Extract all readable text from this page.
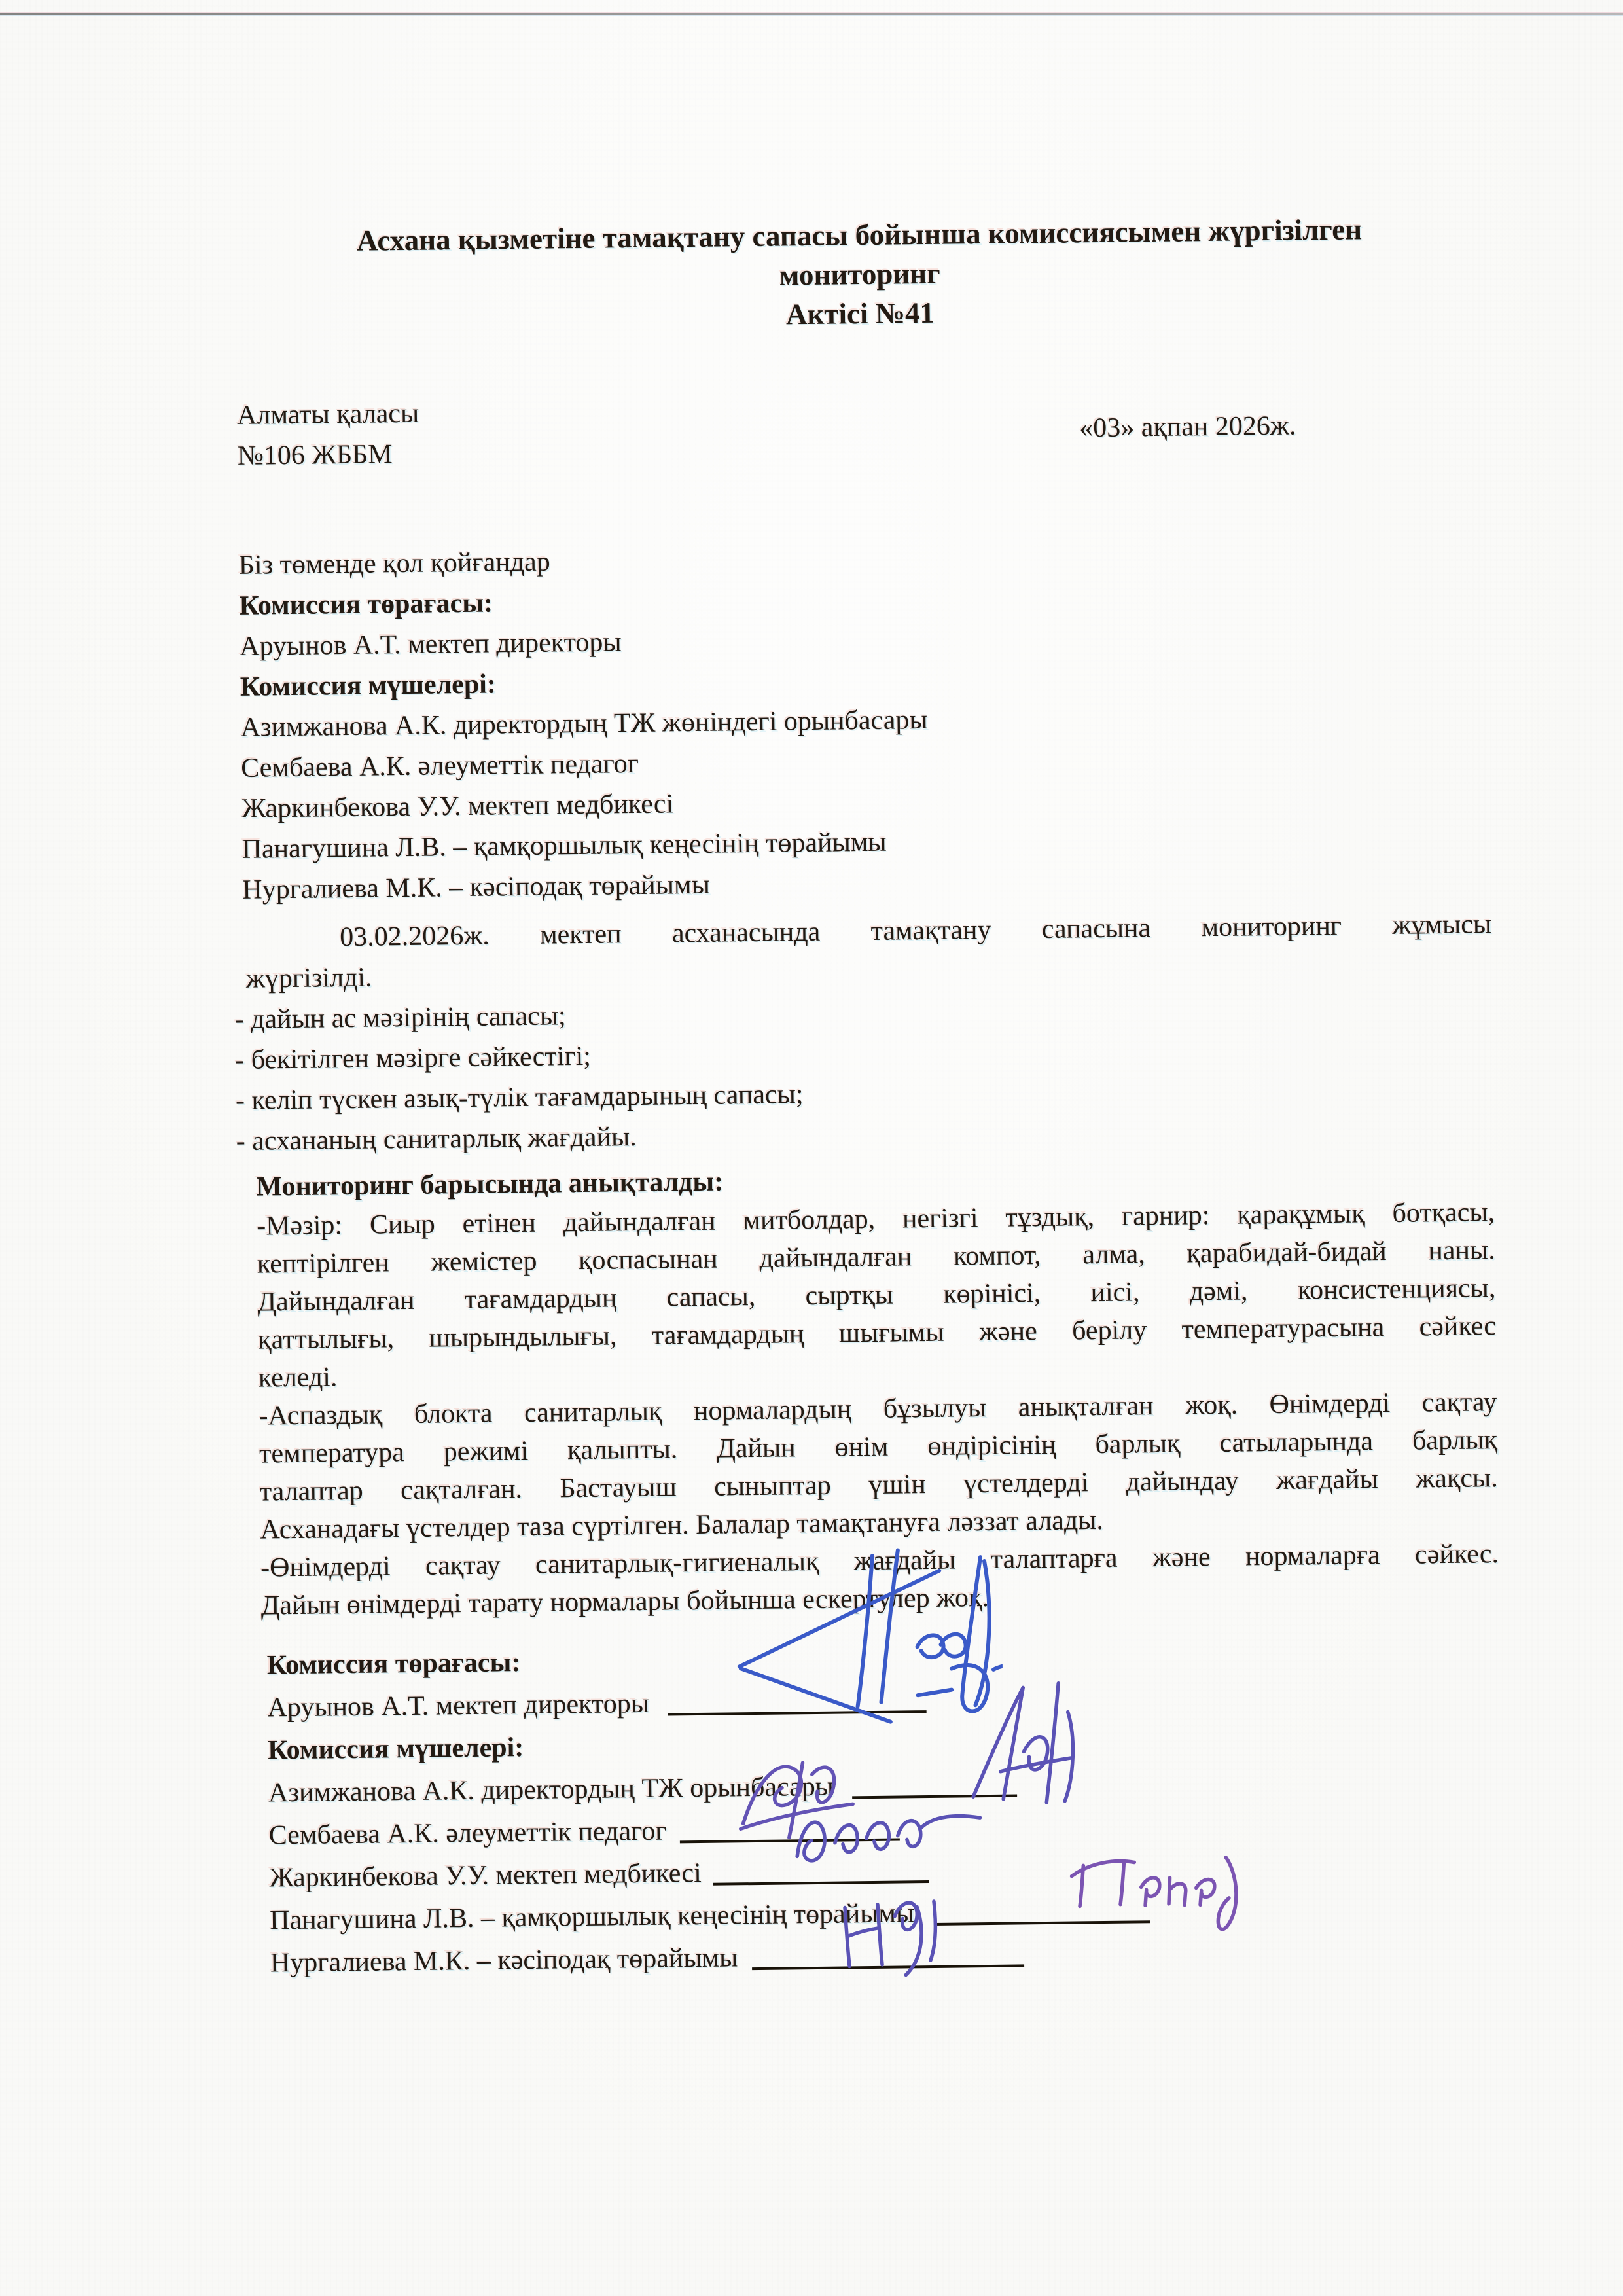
Асхана қызметіне тамақтану сапасы бойынша комиссиясымен жүргізілген
мониторинг
Актісі №41
Алматы қаласы
№106 ЖББМ
«03» ақпан 2026ж.
Біз төменде қол қойғандар
Комиссия төрағасы:
Аруынов А.Т. мектеп директоры
Комиссия мүшелері:
Азимжанова А.К. директордың ТЖ жөніндегі орынбасары
Сембаева А.К. әлеуметтік педагог
Жаркинбекова У.У. мектеп медбикесі
Панагушина Л.В. – қамқоршылық кеңесінің төрайымы
Нургалиева М.К. – кәсіподақ төрайымы
03.02.2026ж. мектеп асханасында тамақтану сапасына мониторинг жұмысы
жүргізілді.
- дайын ас мәзірінің сапасы;
- бекітілген мәзірге сәйкестігі;
- келіп түскен азық-түлік тағамдарының сапасы;
- асхананың санитарлық жағдайы.
Мониторинг барысында анықталды:
-Мәзір: Сиыр етінен дайындалған митболдар, негізгі тұздық, гарнир: қарақұмық ботқасы,
кептірілген жемістер қоспасынан дайындалған компот, алма, қарабидай-бидай наны.
Дайындалған тағамдардың сапасы, сыртқы көрінісі, иісі, дәмі, консистенциясы,
қаттылығы, шырындылығы, тағамдардың шығымы және берілу температурасына сәйкес
келеді.
-Аспаздық блокта санитарлық нормалардың бұзылуы анықталған жоқ. Өнімдерді сақтау
температура режимі қалыпты. Дайын өнім өндірісінің барлық сатыларында барлық
талаптар сақталған. Бастауыш сыныптар үшін үстелдерді дайындау жағдайы жақсы.
Асханадағы үстелдер таза сүртілген. Балалар тамақтануға ләззат алады.
-Өнімдерді сақтау санитарлық-гигиеналық жағдайы талаптарға және нормаларға сәйкес.
Дайын өнімдерді тарату нормалары бойынша ескертулер жоқ.
Комиссия төрағасы:
Аруынов А.Т. мектеп директоры
Комиссия мүшелері:
Азимжанова А.К. директордың ТЖ орынбасары
Сембаева А.К. әлеуметтік педагог
Жаркинбекова У.У. мектеп медбикесі
Панагушина Л.В. – қамқоршылық кеңесінің төрайымы
Нургалиева М.К. – кәсіподақ төрайымы
